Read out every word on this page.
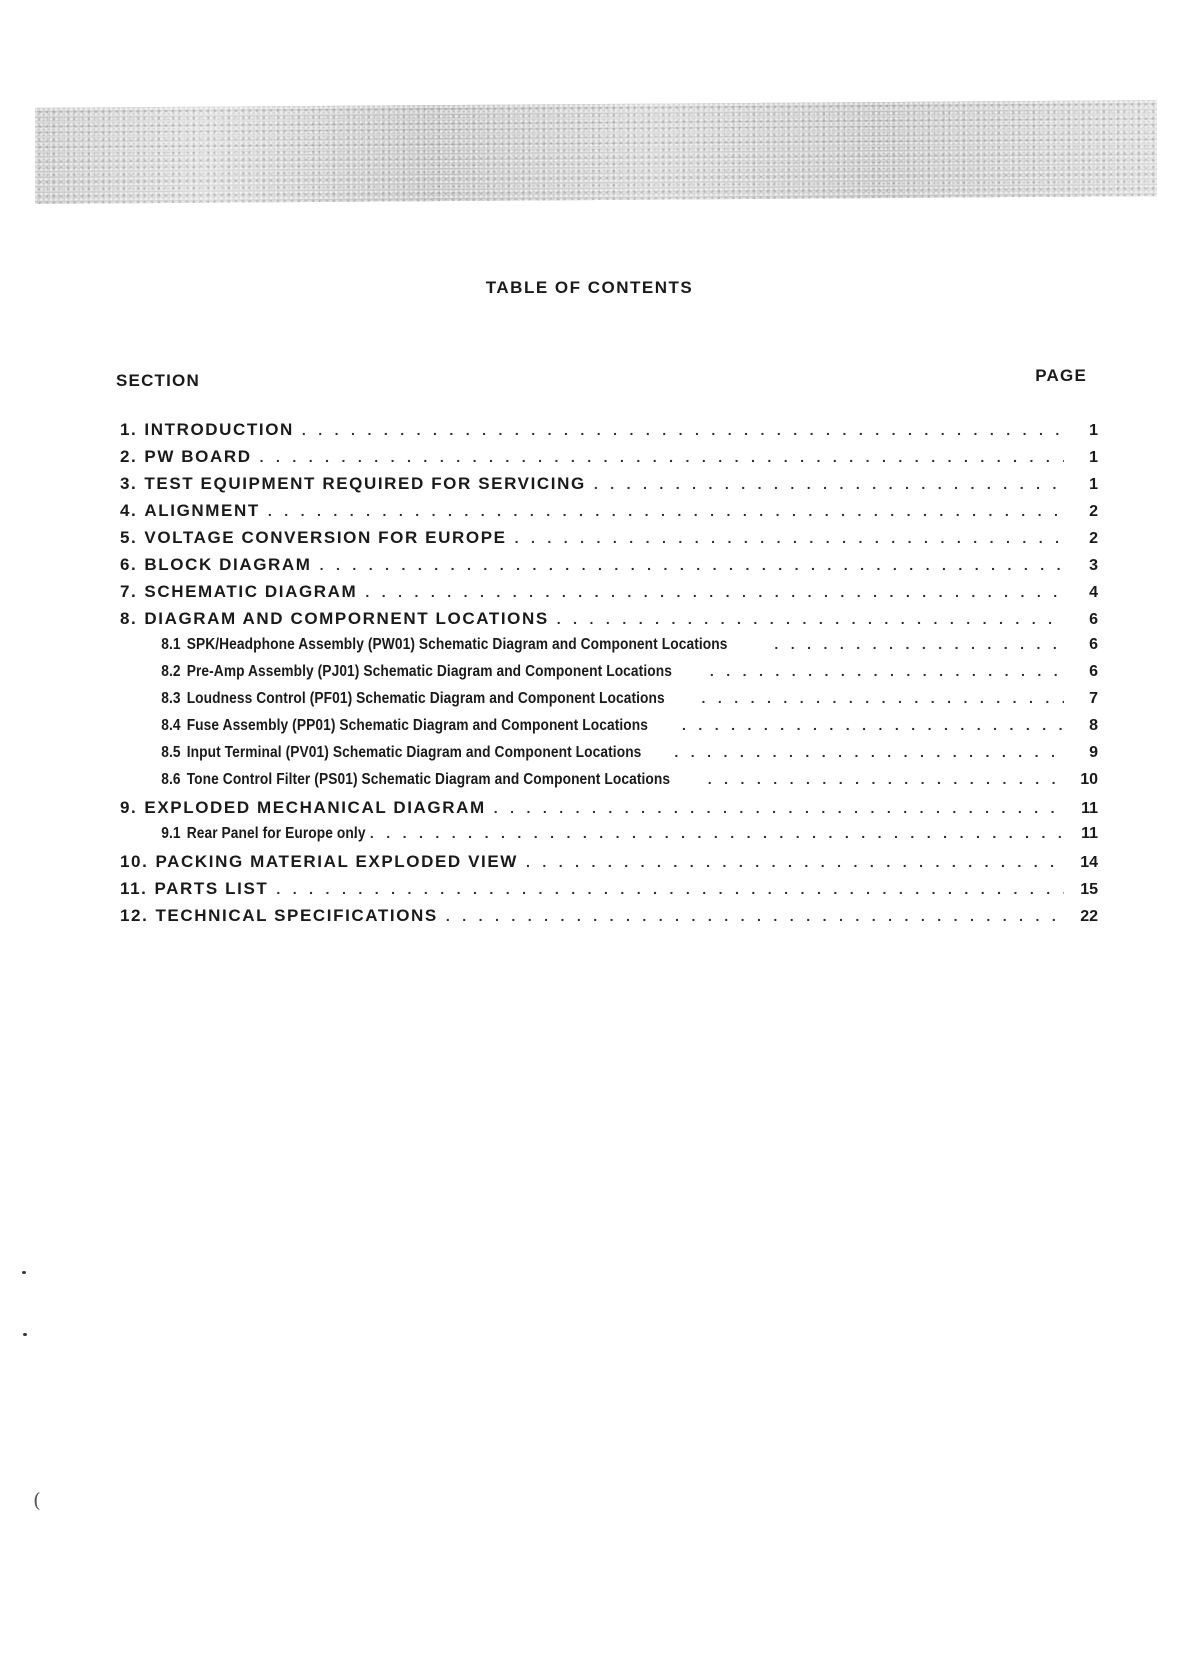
TABLE OF CONTENTS
SECTION	PAGE
1. INTRODUCTION . . .	1
2. PW BOARD . . .	1
3. TEST EQUIPMENT REQUIRED FOR SERVICING . . .	1
4. ALIGNMENT . . .	2
5. VOLTAGE CONVERSION FOR EUROPE . . .	2
6. BLOCK DIAGRAM . . .	3
7. SCHEMATIC DIAGRAM . . .	4
8. DIAGRAM AND COMPORNENT LOCATIONS . . .	6
8.1 SPK/Headphone Assembly (PW01) Schematic Diagram and Component Locations . . .	6
8.2 Pre-Amp Assembly (PJ01) Schematic Diagram and Component Locations . . .	6
8.3 Loudness Control (PF01) Schematic Diagram and Component Locations . . .	7
8.4 Fuse Assembly (PP01) Schematic Diagram and Component Locations . . .	8
8.5 Input Terminal (PV01) Schematic Diagram and Component Locations . . .	9
8.6 Tone Control Filter (PS01) Schematic Diagram and Component Locations . . .	10
9. EXPLODED MECHANICAL DIAGRAM . . .	11
9.1 Rear Panel for Europe only . . .	11
10. PACKING MATERIAL EXPLODED VIEW . . .	14
11. PARTS LIST . . .	15
12. TECHNICAL SPECIFICATIONS . . .	22
(
